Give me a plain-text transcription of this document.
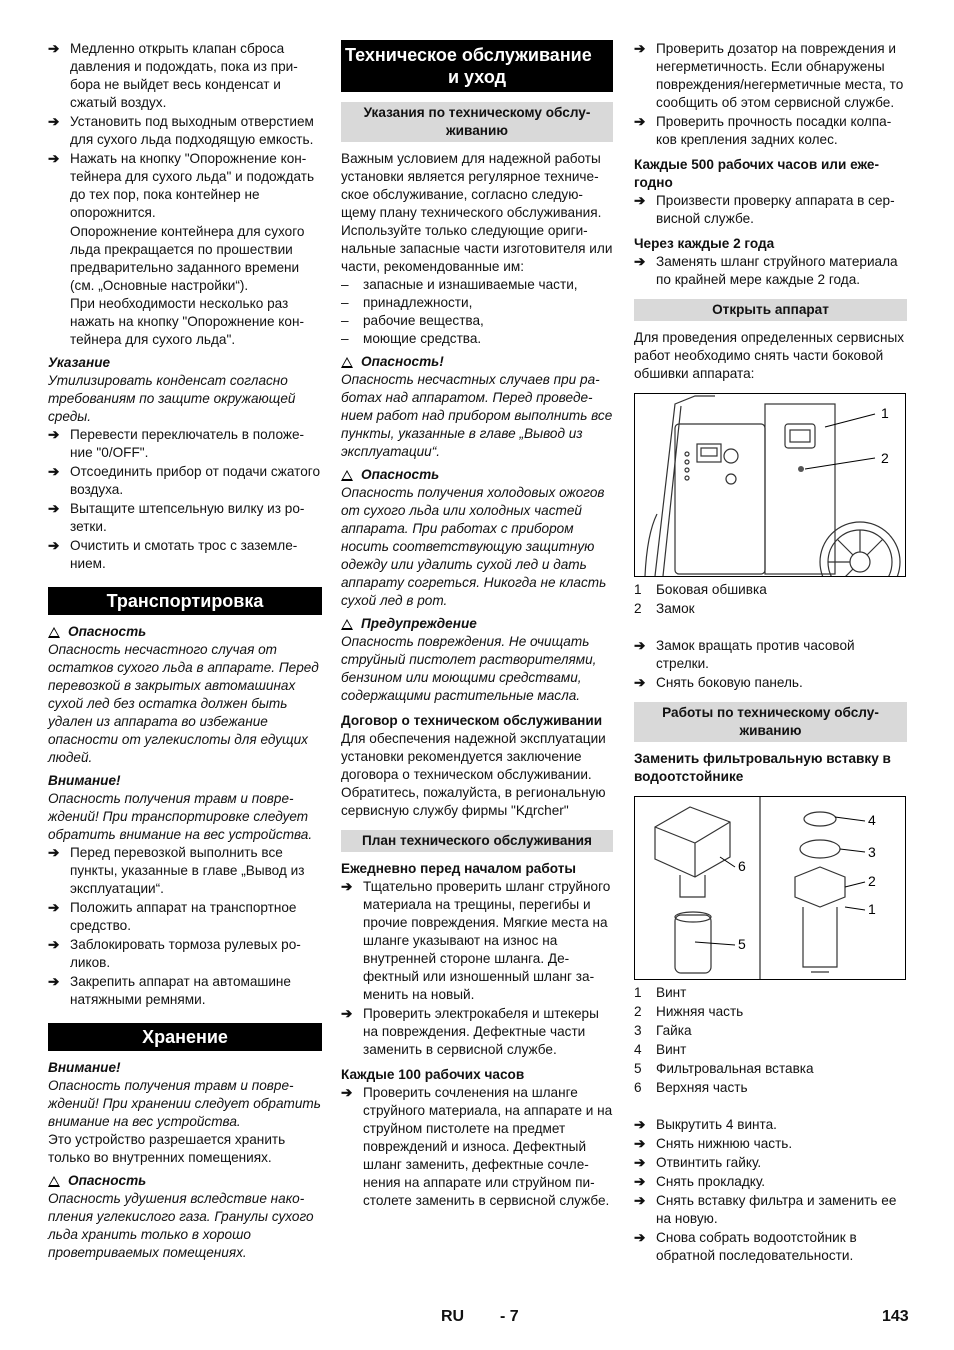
➔ Медленно открыть клапан сброса давления и подождать, пока из прибора не выйдет весь конденсат и сжатый воздух.
➔ Установить под выходным отверстием для сухого льда подходящую емкость.
➔ Нажать на кнопку "Опорожнение контейнера для сухого льда" и подождать до тех пор, пока контейнер не опорожнится.
Опорожнение контейнера для сухого льда прекращается по прошествии предварительно заданного времени (см. „Основные настройки“).
При необходимости несколько раз нажать на кнопку "Опорожнение контейнера для сухого льда".
Указание
Утилизировать конденсат согласно требованиям по защите окружающей среды.
➔ Перевести переключатель в положение "0/OFF".
➔ Отсоединить прибор от подачи сжатого воздуха.
➔ Вытащите штепсельную вилку из розетки.
➔ Очистить и смотать трос с заземлением.
Транспортировка
Опасность
Опасность несчастного случая от остатков сухого льда в аппарате. Перед перевозкой в закрытых автомашинах сухой лед без остатка должен быть удален из аппарата во избежание опасности от углекислоты для едущих людей.
Внимание!
Опасность получения травм и повреждений! При транспортировке следует обратить внимание на вес устройства.
➔ Перед перевозкой выполнить все пункты, указанные в главе „Вывод из эксплуатации“.
➔ Положить аппарат на транспортное средство.
➔ Заблокировать тормоза рулевых роликов.
➔ Закрепить аппарат на автомашине натяжными ремнями.
Хранение
Внимание!
Опасность получения травм и повреждений! При хранении следует обратить внимание на вес устройства.
Это устройство разрешается хранить только во внутренних помещениях.
Опасность
Опасность удушения вследствие накопления углекислого газа. Гранулы сухого льда хранить только в хорошо проветриваемых помещениях.
Техническое обслуживание
и уход
Указания по техническому обслуживанию
Важным условием для надежной работы установки является регулярное техническое обслуживание, согласно следующему плану технического обслуживания.
Используйте только следующие оригинальные запасные части изготовителя или части, рекомендованные им:
–	запасные и изнашиваемые части,
–	принадлежности,
–	рабочие вещества,
–	моющие средства.
Опасность!
Опасность несчастных случаев при работах над аппаратом. Перед проведением работ над прибором выполнить все пункты, указанные в главе „Вывод из эксплуатации“.
Опасность
Опасность получения холодовых ожогов от сухого льда или холодных частей аппарата. При работах с прибором носить соответствующую защитную одежду или удалить сухой лед и дать аппарату согреться. Никогда не класть сухой лед в рот.
Предупреждение
Опасность повреждения. Не очищать струйный пистолет растворителями, бензином или моющими средствами, содержащими растительные масла.
Договор о техническом обслуживании
Для обеспечения надежной эксплуатации установки рекомендуется заключение договора о техническом обслуживании. Обратитесь, пожалуйста, в региональную сервисную службу фирмы "Kдrcher"
План технического обслуживания
Ежедневно перед началом работы
➔ Тщательно проверить шланг струйного материала на трещины, перегибы и прочие повреждения. Мягкие места на шланге указывают на износ на внутренней стороне шланга. Дефектный или изношенный шланг заменить на новый.
➔ Проверить электрокабеля и штекеры на повреждения. Дефектные части заменить в сервисной службе.
Каждые 100 рабочих часов
➔ Проверить сочленения на шланге струйного материала, на аппарате и на струйном пистолете на предмет повреждений и износа. Дефектный шланг заменить, дефектные сочленения на аппарате или струйном пистолете заменить в сервисной службе.
➔ Проверить дозатор на повреждения и негерметичность. Если обнаружены повреждения/негерметичные места, то сообщить об этом сервисной службе.
➔ Проверить прочность посадки колпаков крепления задних колес.
Каждые 500 рабочих часов или ежегодно
➔ Произвести проверку аппарата в сервисной службе.
Через каждые 2 года
➔ Заменять шланг струйного материала по крайней мере каждые 2 года.
Открыть аппарат
Для проведения определенных сервисных работ необходимо снять части боковой обшивки аппарата:
1
2
1	Боковая обшивка
2	Замок
➔ Замок вращать против часовой стрелки.
➔ Снять боковую панель.
Работы по техническому обслуживанию
Заменить фильтровальную вставку в водоотстойнике
4
3
2
1
6
5
1	Винт
2	Нижняя часть
3	Гайка
4	Винт
5	Фильтровальная вставка
6	Верхняя часть
➔ Выкрутить 4 винта.
➔ Снять нижнюю часть.
➔ Отвинтить гайку.
➔ Снять прокладку.
➔ Снять вставку фильтра и заменить ее на новую.
➔ Снова собрать водоотстойник в обратной последовательности.
RU - 7	143
